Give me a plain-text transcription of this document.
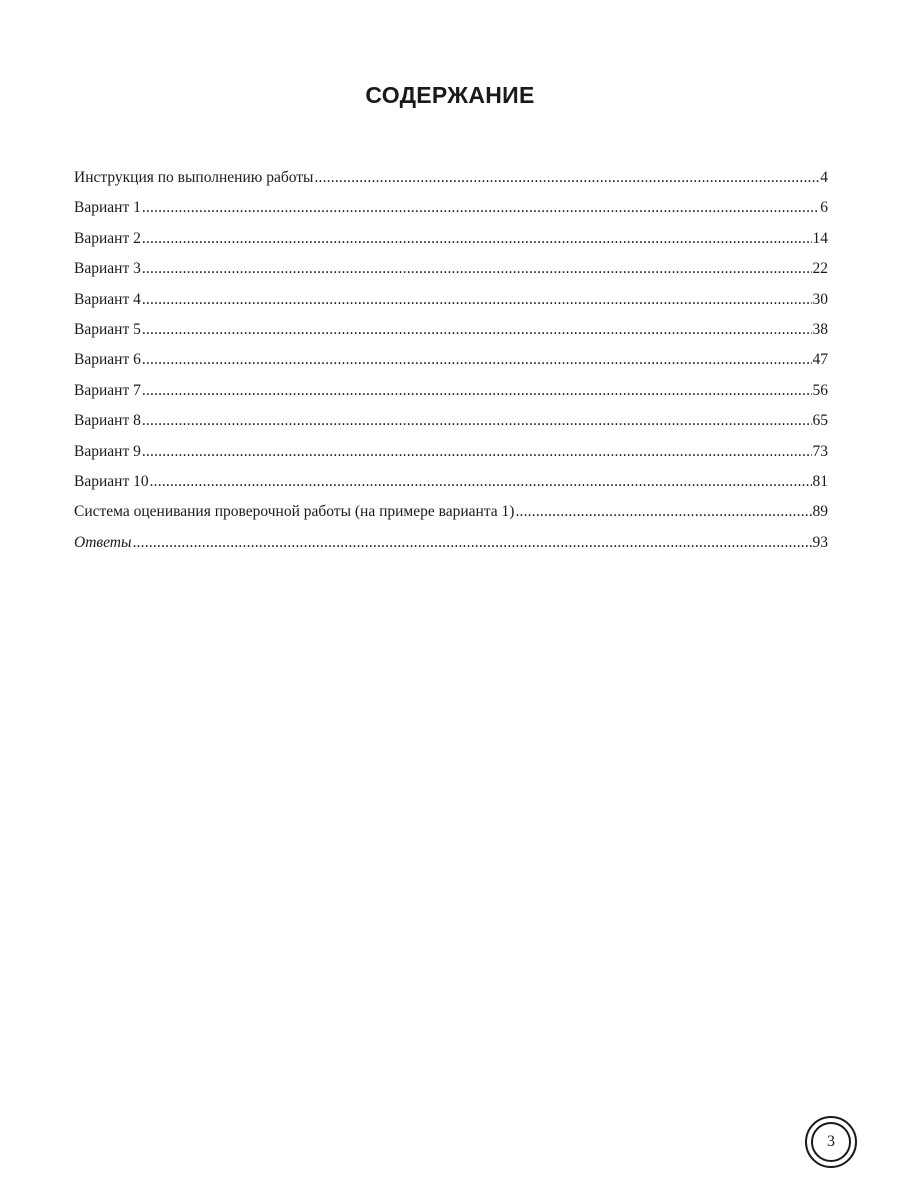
СОДЕРЖАНИЕ
Инструкция по выполнению работы .....	4
Вариант 1 .....	6
Вариант 2 .....	14
Вариант 3 .....	22
Вариант 4 .....	30
Вариант 5 .....	38
Вариант 6 .....	47
Вариант 7 .....	56
Вариант 8 .....	65
Вариант 9 .....	73
Вариант 10 .....	81
Система оценивания проверочной работы (на примере варианта 1) .....	89
Ответы .....	93
3
